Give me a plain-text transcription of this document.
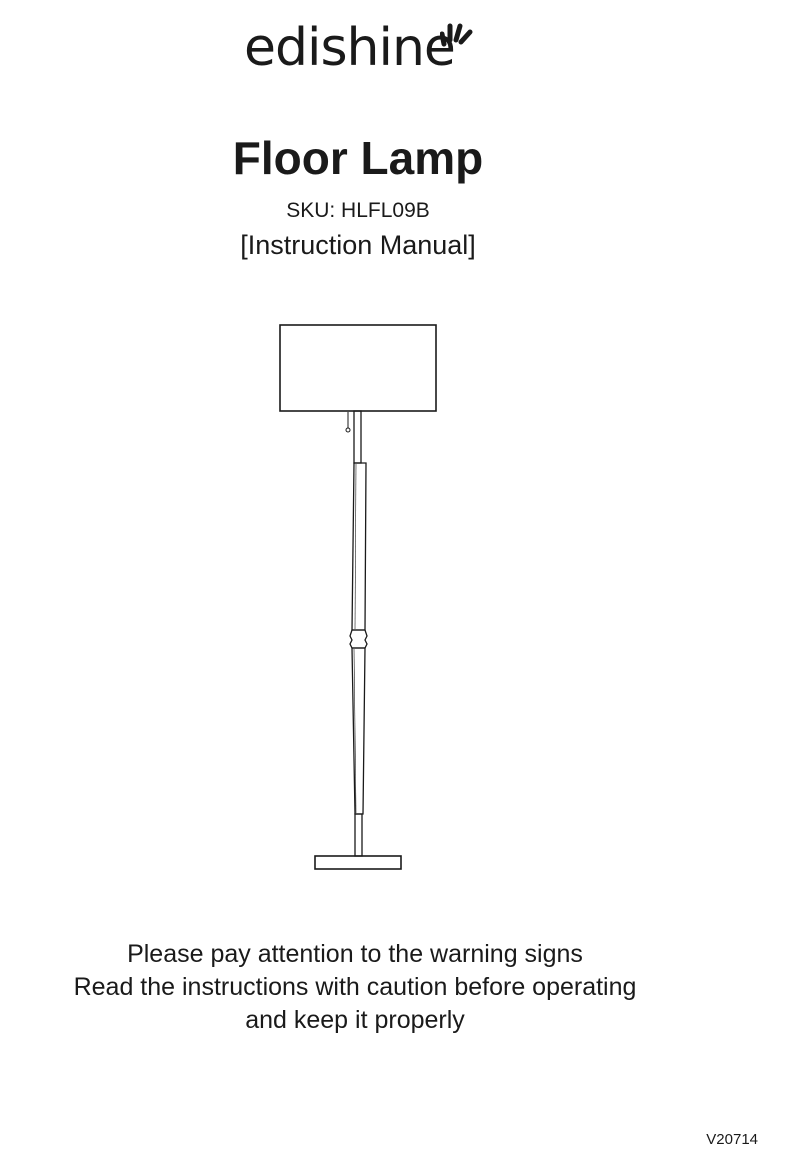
edishine
Floor Lamp
SKU: HLFL09B
[Instruction Manual]
Please pay attention to the warning signs
Read the instructions with caution before operating
and keep it properly
V20714
